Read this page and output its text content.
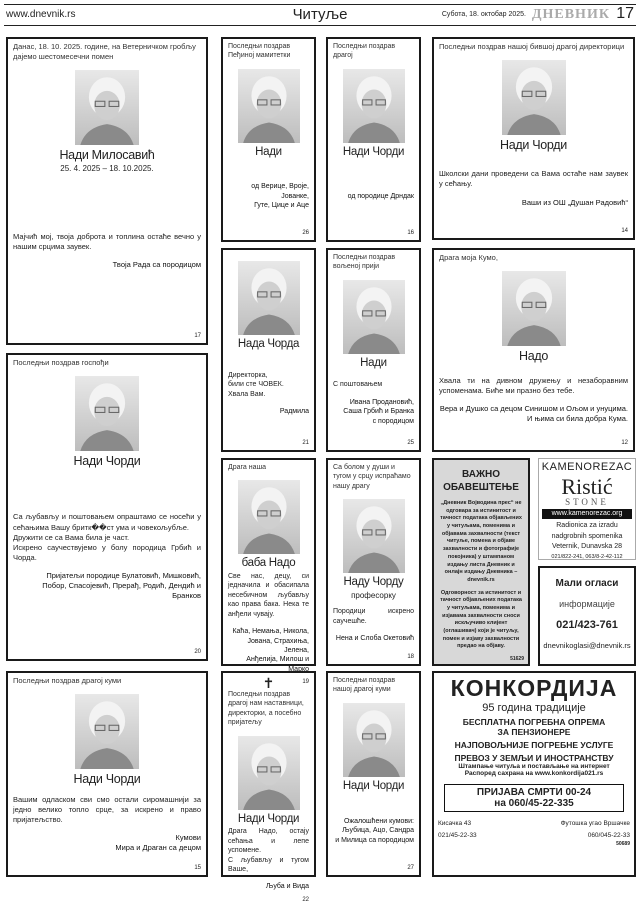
www.dnevnik.rs	Читуље	Субота, 18. октобар 2025. ДНЕВНИК 17
Данас, 18. 10. 2025. године, на Ветерничком гробљу дајемо шестомесечни помен
Нади Милосавић
25. 4. 2025 – 18. 10.2025.
Мајчић мој, твоја доброта и топлина остаће вечно у нашим срцима заувек.
Твоја Рада са породицом
17
Последњи поздрав госпођи
Нади Чорди
Са љубављу и поштовањем опраштамо се носећи у сећањима Вашу бритк��ст ума и човекољубље.
Дружити се са Вама била је част.
Искрено саучествујемо у болу породица Грбић и Чорда.
Пријатељи породице Булатовић, Мишковић,
Побор, Спасојевић, Прерађ, Родић, Дендић и Бранков
20
Последњи поздрав драгој куми
Нади Чорди
Вашим одласком сви смо остали сиромашнији за једно велико топло срце, за искрено и право пријатељство.
Кумови
Мира и Драган са децом
15
Последњи поздрав Пеђиној мамитетки
Нади
од Верице, Вроје, Јованке,
Гуте, Цице и Аце
26
Нада Чорда
Директорка,
били сте ЧОВЕК.
Хвала Вам.
Радмила
21
Драга наша
баба Надо
Све нас, децу, си једначила и обасипала несебичном љубављу као права бака. Нека те анђели чувају.
Каћа, Немања, Никола,
Јована, Страхиња, Јелена,
Анђелија, Милош и Марко
19
✝
Последњи поздрав драгој нам наставници, директорки, а посебно пријатељу
Нади Чорди
Драга Надо, остају сећања и лепе успомене.
С љубављу и тугом Ваше,
Љуба и Вида
22
Последњи поздрав драгој
Нади Чорди
од породице Дрндак
16
Последњи поздрав вољеној прији
Нади
С поштовањем
Ивана Продановић,
Саша Грбић и Бранка
с породицом
25
Са болом у души и тугом у срцу испраћамо нашу драгу
Наду Чорду
професорку
Породици искрено саучешће.
Нена и Слоба Окетовић
18
Последњи поздрав нашој драгој куми
Нади Чорди
Ожалошћени кумови:
Љубица, Ацо, Сандра
и Милица са породицом
27
Последњи поздрав нашој бившој драгој директорици
Нади Чорди
Школски дани проведени са Вама остаће нам заувек у сећању.
Ваши из ОШ „Душан Радовић“
14
Драга моја Кумо,
Надо
Хвала ти на дивном дружењу и незаборавним успоменама. Биће ми празно без тебе.
Вера и Душко са децом Синишом и Ољом и унуцима.
И њима си била добра Кума.
12
ВАЖНО ОБАВЕШТЕЊЕ

„Дневник Војводина прес“ не одговара за истинитост и тачност података објављених у читуљама, поменима и објавама захвалности (текст читуље, помена и објаве захвалности и фотографије покојника) у штампаном издању листа Дневник и онлајн издању Дневника – dnevnik.rs

Одговорност за истинитост и тачност објављених података у читуљама, поменима и изјавама захвалности сноси искључиво клијент (оглашивач) који је читуљу, помен и изјаву захвалности предао на објаву.

51629
KAMENOREZAC
Ristić
STONE
www.kamenorezac.org
Radionica za izradu
nadgrobnih spomenika
Veternik, Dunavska 28
021/822-241, 063/8-2-42-112
Мали огласи
информације
021/423-761
dnevnikoglasi@dnevnik.rs
КОНКОРДИЈА
95 година традиције
БЕСПЛАТНА ПОГРЕБНА ОПРЕМА
ЗА ПЕНЗИОНЕРЕ
НАЈПОВОЉНИЈЕ ПОГРЕБНЕ УСЛУГЕ
ПРЕВОЗ У ЗЕМЉИ И ИНОСТРАНСТВУ
Штампање читуља и постављање на интернет
Распоред сахрана на www.konkordija021.rs
ПРИЈАВА СМРТИ 00-24
на 060/45-22-335
Кисачка 43
021/45-22-33
Футошка угао Вршачке
060/045-22-33
50689
